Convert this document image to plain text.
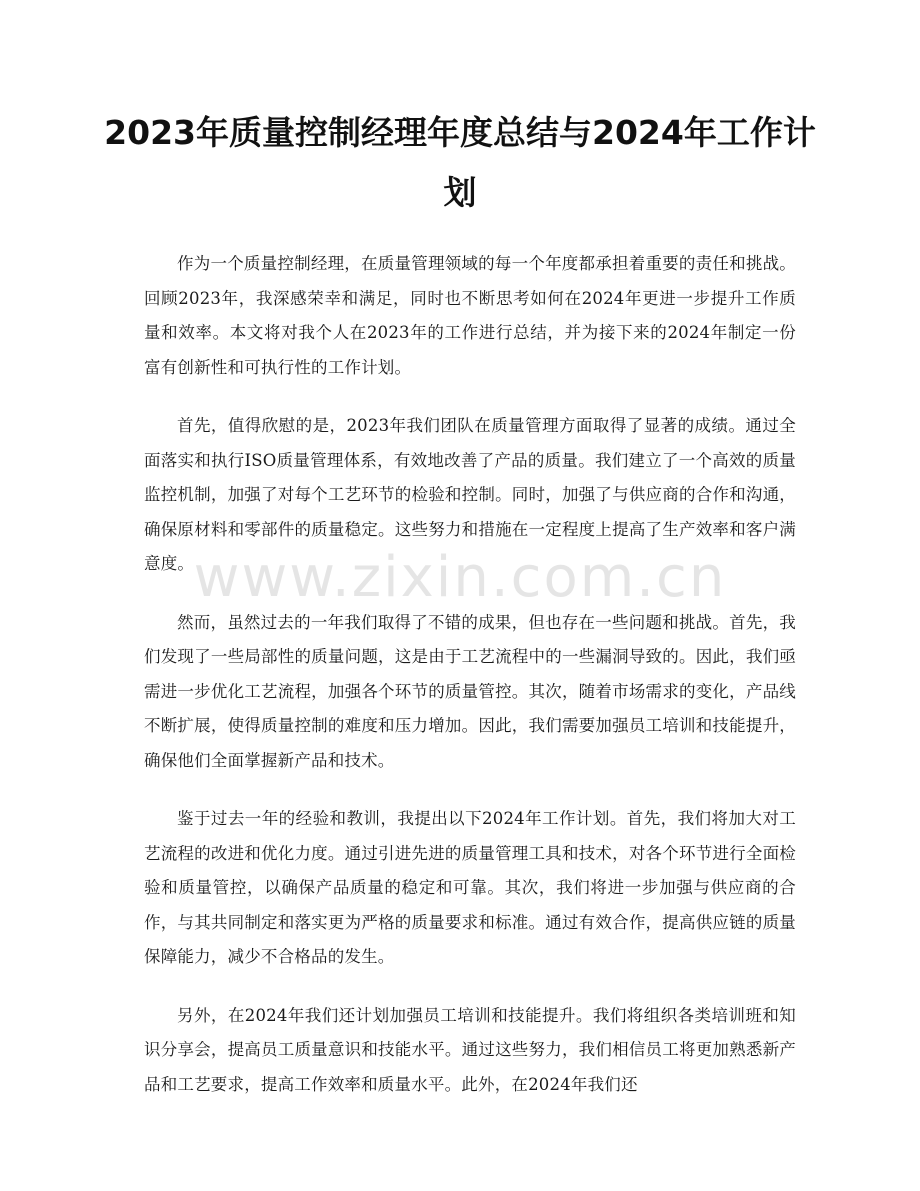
2023年质量控制经理年度总结与2024年工作计划

作为一个质量控制经理，在质量管理领域的每一个年度都承担着重要的责任和挑战。回顾2023年，我深感荣幸和满足，同时也不断思考如何在2024年更进一步提升工作质量和效率。本文将对我个人在2023年的工作进行总结，并为接下来的2024年制定一份富有创新性和可执行性的工作计划。

首先，值得欣慰的是，2023年我们团队在质量管理方面取得了显著的成绩。通过全面落实和执行ISO质量管理体系，有效地改善了产品的质量。我们建立了一个高效的质量监控机制，加强了对每个工艺环节的检验和控制。同时，加强了与供应商的合作和沟通，确保原材料和零部件的质量稳定。这些努力和措施在一定程度上提高了生产效率和客户满意度。

然而，虽然过去的一年我们取得了不错的成果，但也存在一些问题和挑战。首先，我们发现了一些局部性的质量问题，这是由于工艺流程中的一些漏洞导致的。因此，我们亟需进一步优化工艺流程，加强各个环节的质量管控。其次，随着市场需求的变化，产品线不断扩展，使得质量控制的难度和压力增加。因此，我们需要加强员工培训和技能提升，确保他们全面掌握新产品和技术。

鉴于过去一年的经验和教训，我提出以下2024年工作计划。首先，我们将加大对工艺流程的改进和优化力度。通过引进先进的质量管理工具和技术，对各个环节进行全面检验和质量管控，以确保产品质量的稳定和可靠。其次，我们将进一步加强与供应商的合作，与其共同制定和落实更为严格的质量要求和标准。通过有效合作，提高供应链的质量保障能力，减少不合格品的发生。

另外，在2024年我们还计划加强员工培训和技能提升。我们将组织各类培训班和知识分享会，提高员工质量意识和技能水平。通过这些努力，我们相信员工将更加熟悉新产品和工艺要求，提高工作效率和质量水平。此外，在2024年我们还

www.zixin.com.cn
